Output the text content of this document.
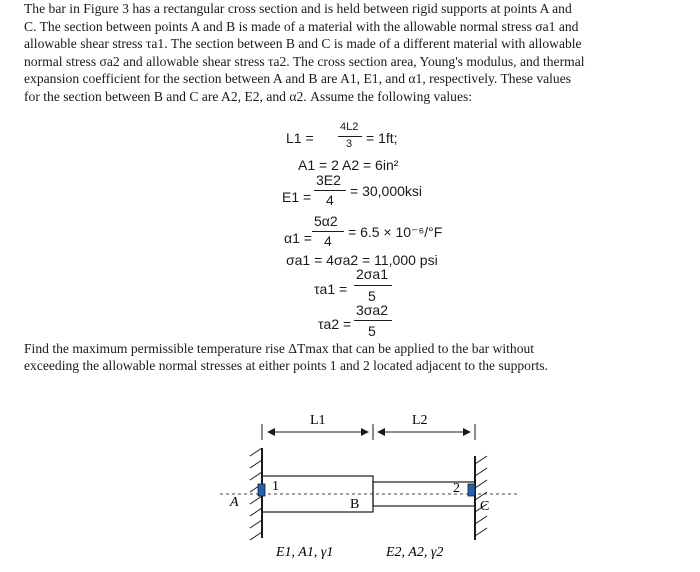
The bar in Figure 3 has a rectangular cross section and is held between rigid supports at points A and
C. The section between points A and B is made of a material with the allowable normal stress σa1 and
allowable shear stress τa1. The section between B and C is made of a different material with allowable
normal stress σa2 and allowable shear stress τa2. The cross section area, Young's modulus, and thermal
expansion coefficient for the section between A and B are A1, E1, and α1, respectively. These values
for the section between B and C are A2, E2, and α2. Assume the following values:
L1 =
4L2
3 = 1ft;
A1 = 2 A2 = 6in²
E1 =
3E2
4
= 30,000ksi
α1 =
5α2
4
= 6.5 × 10⁻⁶/°F
σa1 = 4σa2 = 11,000 psi
τa1 =
2σa1
5
τa2 =
3σa2
5
Find the maximum permissible temperature rise ΔTmax that can be applied to the bar without
exceeding the allowable normal stresses at either points 1 and 2 located adjacent to the supports.
L1	L2
A	B	C
1	2
E1, A1, γ1	E2, A2, γ2
